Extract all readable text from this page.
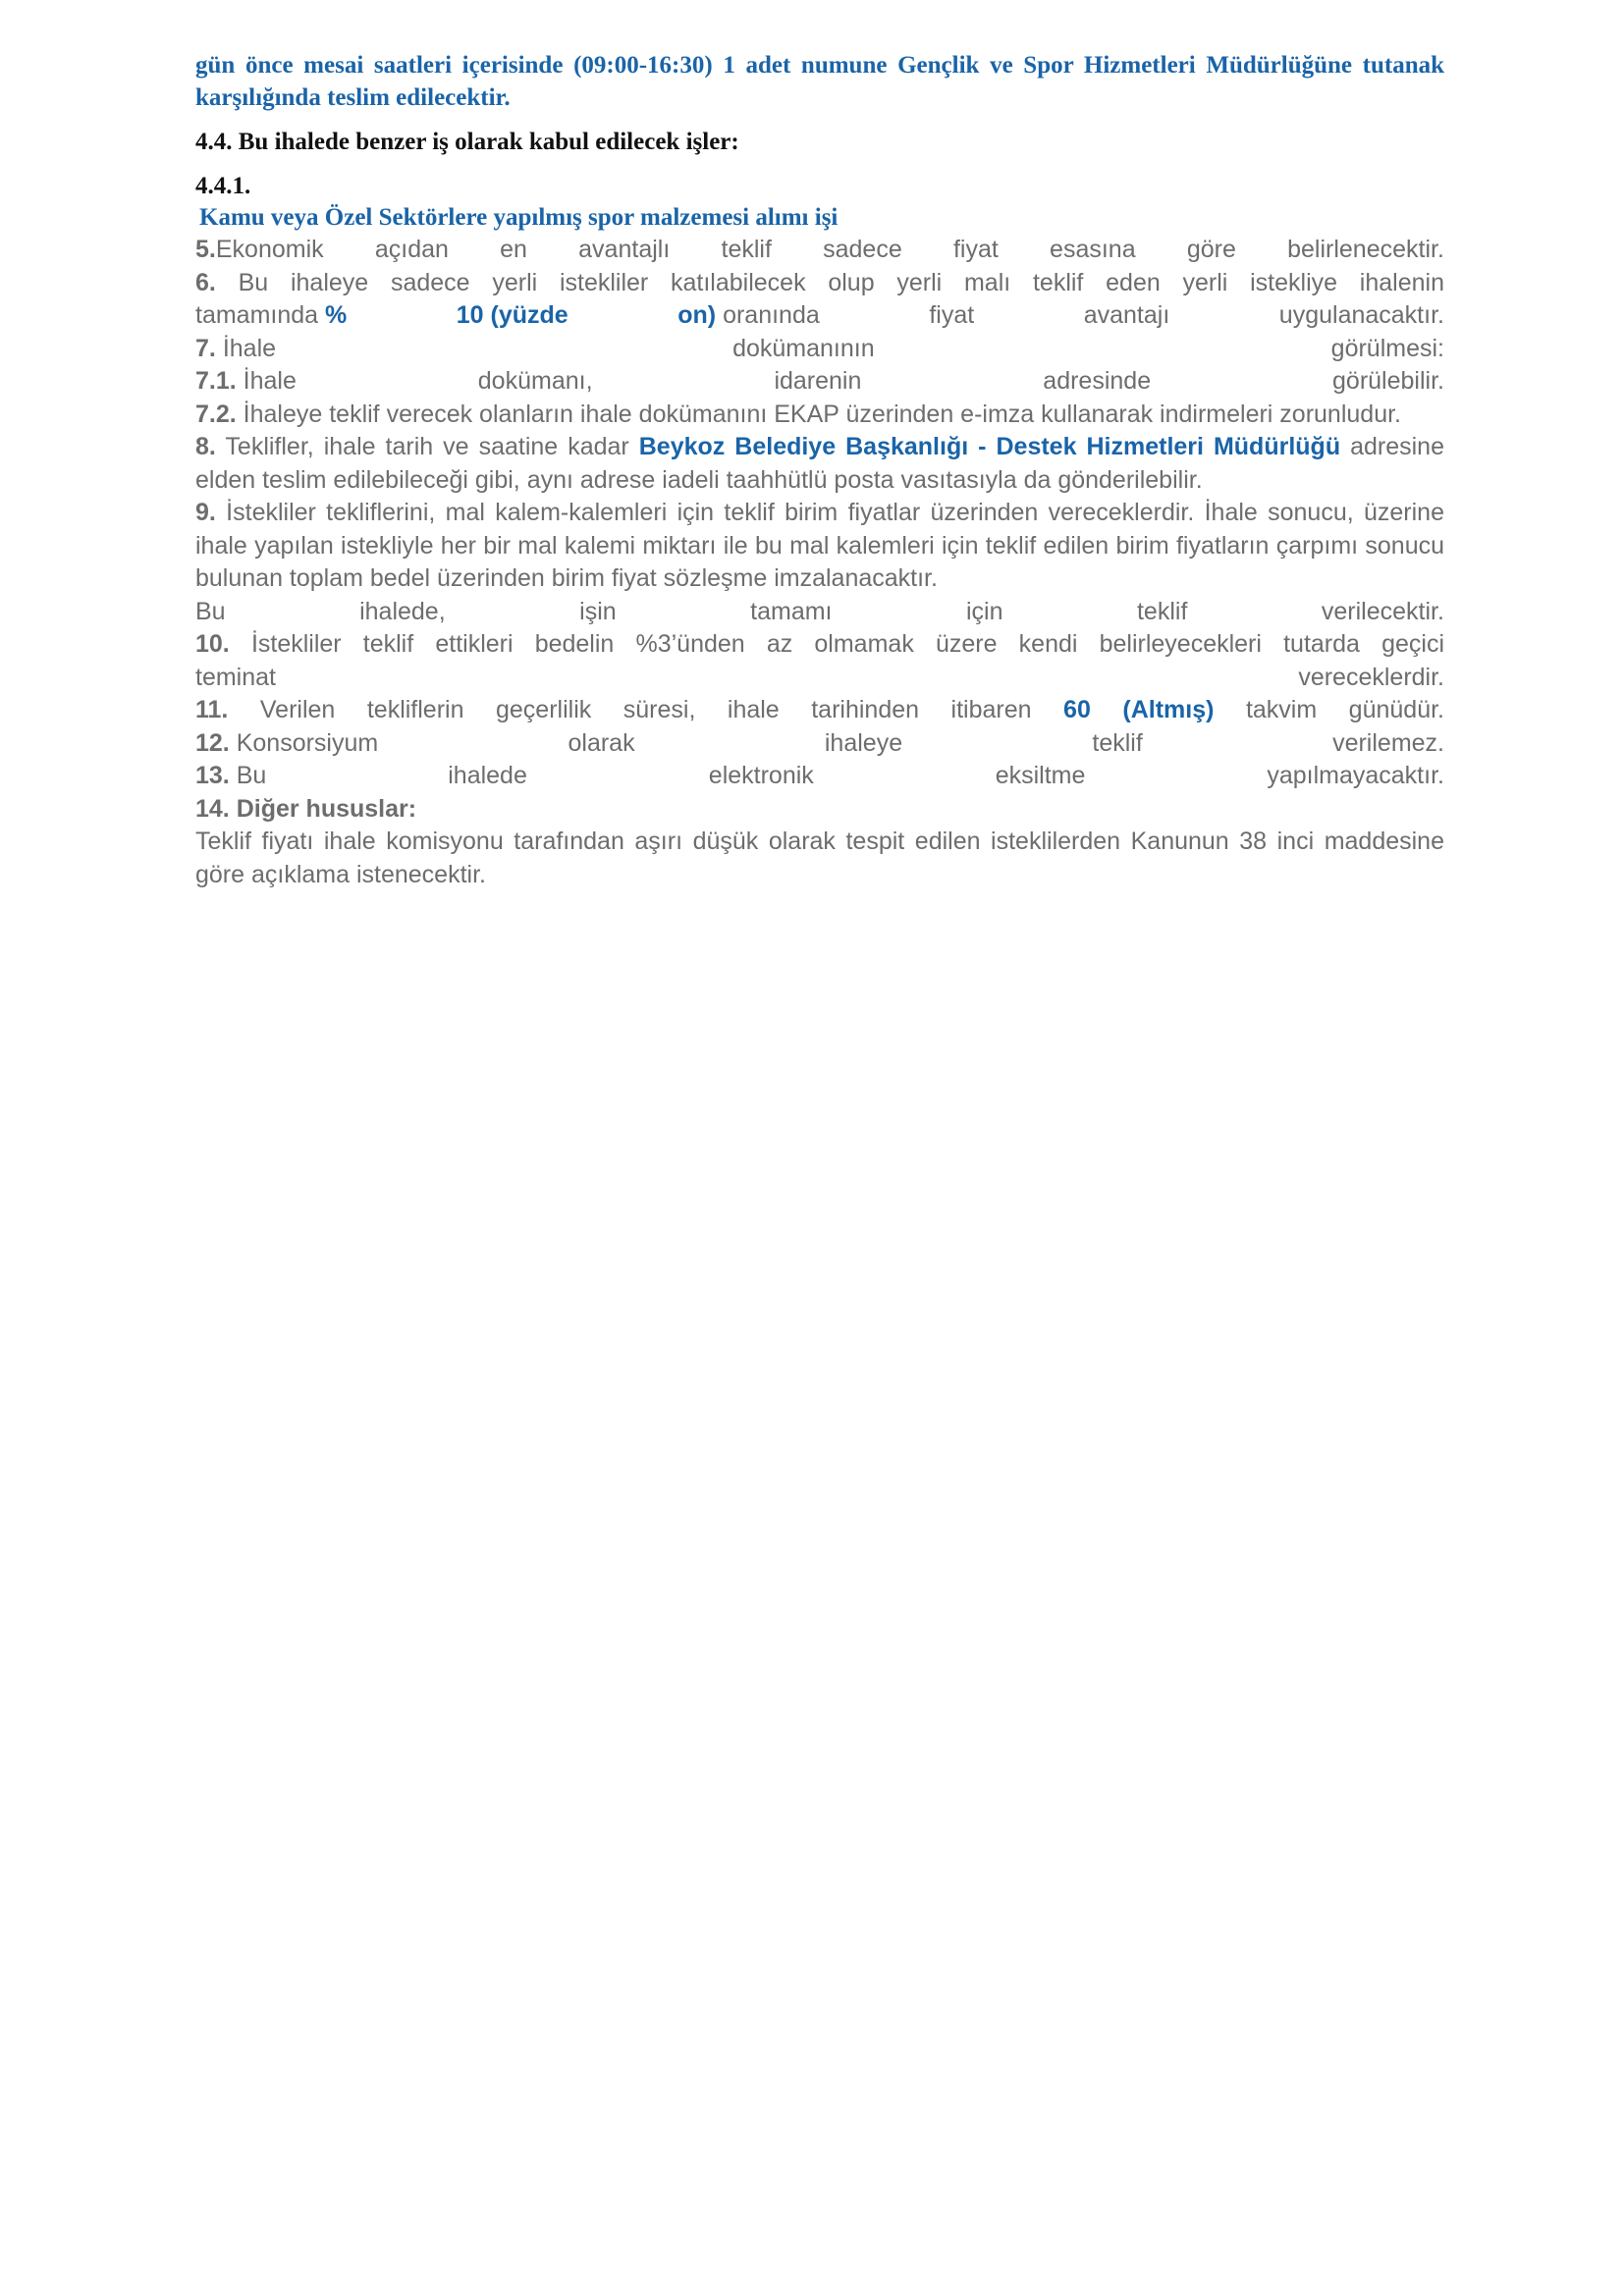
gün önce mesai saatleri içerisinde (09:00-16:30) 1 adet numune Gençlik ve Spor Hizmetleri Müdürlüğüne tutanak karşılığında teslim edilecektir.

4.4. Bu ihalede benzer iş olarak kabul edilecek işler:

4.4.1.

Kamu veya Özel Sektörlere yapılmış spor malzemesi alımı işi

5.Ekonomik açıdan en avantajlı teklif sadece fiyat esasına göre belirlenecektir.

6. Bu ihaleye sadece yerli istekliler katılabilecek olup yerli malı teklif eden yerli istekliye ihalenin

tamamında %	10 (yüzde	on) oranında	fiyat	avantajı	uygulanacaktır.
7. İhale	dokümanının	görülmesi:
7.1. İhale	dokümanı,	idarenin	adresinde	görülebilir.

7.2. İhaleye teklif verecek olanların ihale dokümanını EKAP üzerinden e-imza kullanarak indirmeleri zorunludur.

8. Teklifler, ihale tarih ve saatine kadar Beykoz Belediye Başkanlığı - Destek Hizmetleri Müdürlüğü adresine elden teslim edilebileceği gibi, aynı adrese iadeli taahhütlü posta vasıtasıyla da gönderilebilir.

9. İstekliler tekliflerini, mal kalem-kalemleri için teklif birim fiyatlar üzerinden vereceklerdir. İhale sonucu, üzerine ihale yapılan istekliyle her bir mal kalemi miktarı ile bu mal kalemleri için teklif edilen birim fiyatların çarpımı sonucu bulunan toplam bedel üzerinden birim fiyat sözleşme imzalanacaktır.

Bu	ihalede,	işin	tamamı	için	teklif	verilecektir.

10. İstekliler teklif ettikleri bedelin %3’ünden az olmamak üzere kendi belirleyecekleri tutarda geçici

teminat	vereceklerdir.

11. Verilen tekliflerin geçerlilik süresi, ihale tarihinden itibaren 60 (Altmış) takvim günüdür.

12. Konsorsiyum	olarak	ihaleye	teklif	verilemez.
13. Bu	ihalede	elektronik	eksiltme	yapılmayacaktır.

14. Diğer hususlar:

Teklif fiyatı ihale komisyonu tarafından aşırı düşük olarak tespit edilen isteklilerden Kanunun 38 inci maddesine göre açıklama istenecektir.
